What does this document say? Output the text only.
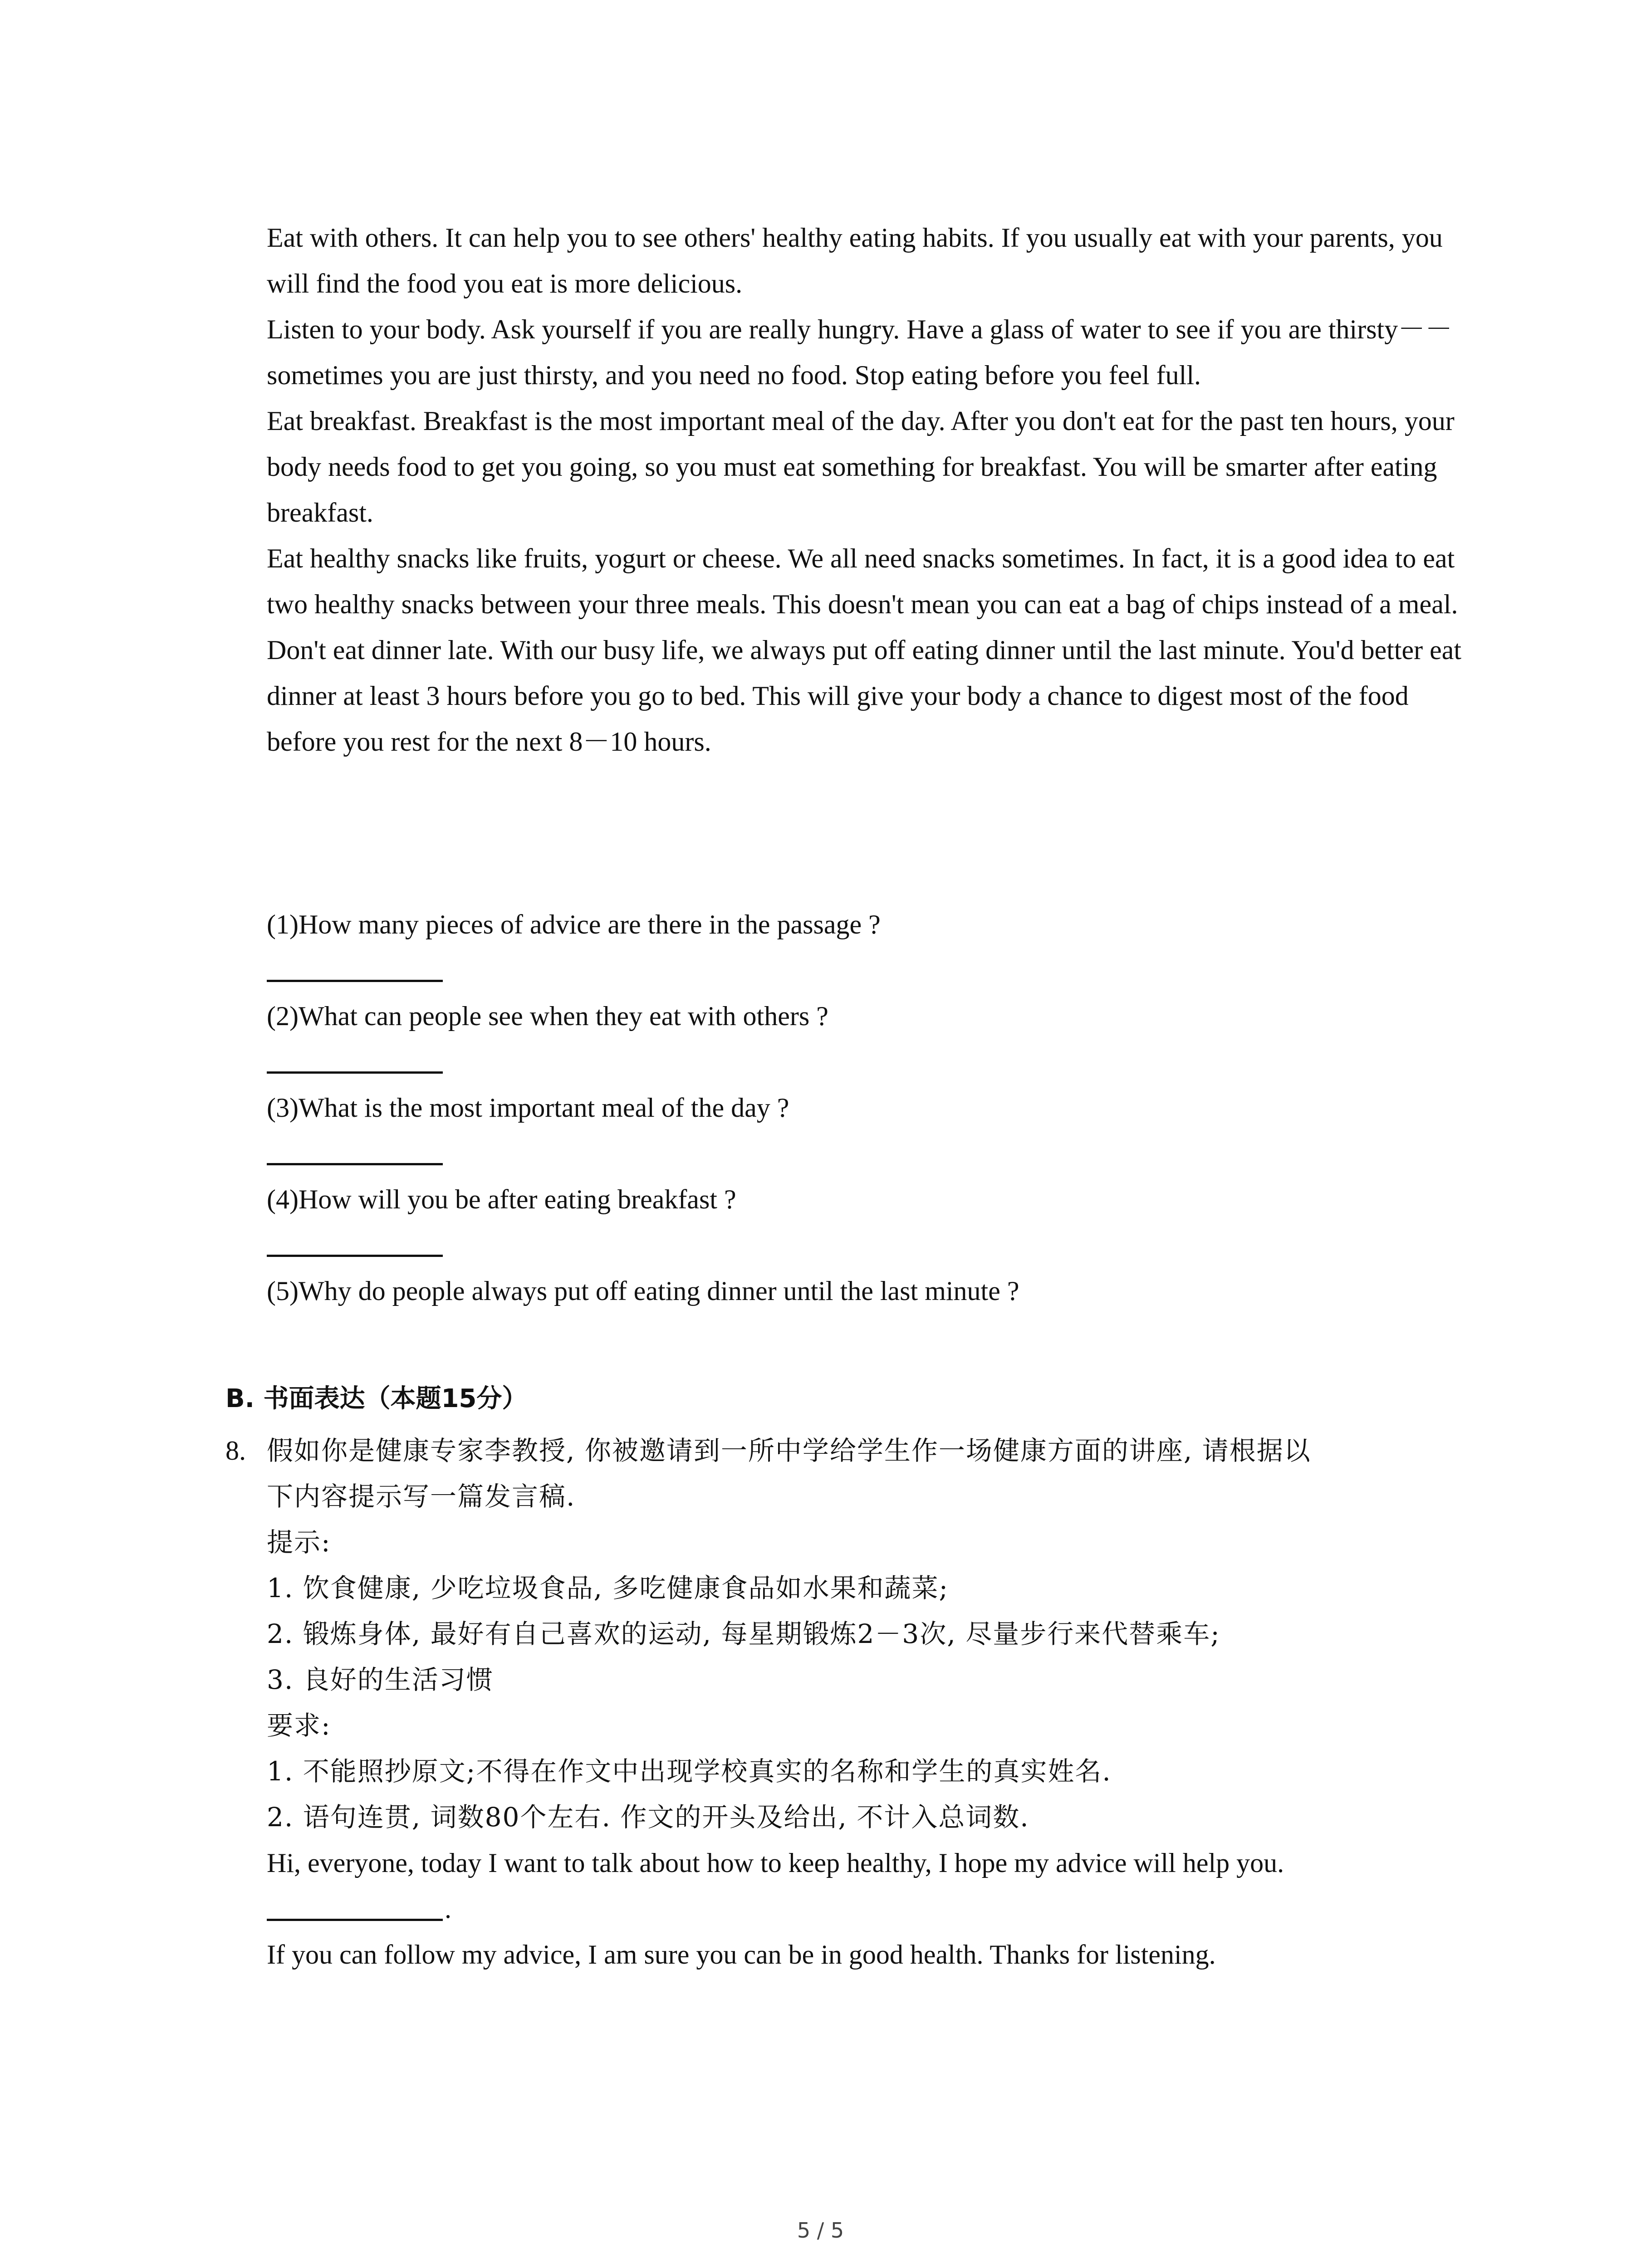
Eat with others. It can help you to see others' healthy eating habits. If you usually eat with your parents, you will find the food you eat is more delicious.

Listen to your body. Ask yourself if you are really hungry. Have a glass of water to see if you are thirsty－－sometimes you are just thirsty, and you need no food. Stop eating before you feel full.

Eat breakfast. Breakfast is the most important meal of the day. After you don't eat for the past ten hours, your body needs food to get you going, so you must eat something for breakfast. You will be smarter after eating breakfast.

Eat healthy snacks like fruits, yogurt or cheese. We all need snacks sometimes. In fact, it is a good idea to eat two healthy snacks between your three meals. This doesn't mean you can eat a bag of chips instead of a meal.

Don't eat dinner late. With our busy life, we always put off eating dinner until the last minute. You'd better eat dinner at least 3 hours before you go to bed. This will give your body a chance to digest most of the food before you rest for the next 8－10 hours.

(1)How many pieces of advice are there in the passage ?
(2)What can people see when they eat with others ?
(3)What is the most important meal of the day ?
(4)How will you be after eating breakfast ?
(5)Why do people always put off eating dinner until the last minute ?
B. 书面表达（本题15分）
8. 假如你是健康专家李教授, 你被邀请到一所中学给学生作一场健康方面的讲座, 请根据以

下内容提示写一篇发言稿.

提示:

1. 饮食健康, 少吃垃圾食品, 多吃健康食品如水果和蔬菜;

2. 锻炼身体, 最好有自己喜欢的运动, 每星期锻炼2－3次, 尽量步行来代替乘车;

3. 良好的生活习惯

要求:

1. 不能照抄原文;不得在作文中出现学校真实的名称和学生的真实姓名.

2. 语句连贯, 词数80个左右. 作文的开头及给出, 不计入总词数.

Hi, everyone, today I want to talk about how to keep healthy, I hope my advice will help you.

.

If you can follow my advice, I am sure you can be in good health. Thanks for listening.

5 / 5
